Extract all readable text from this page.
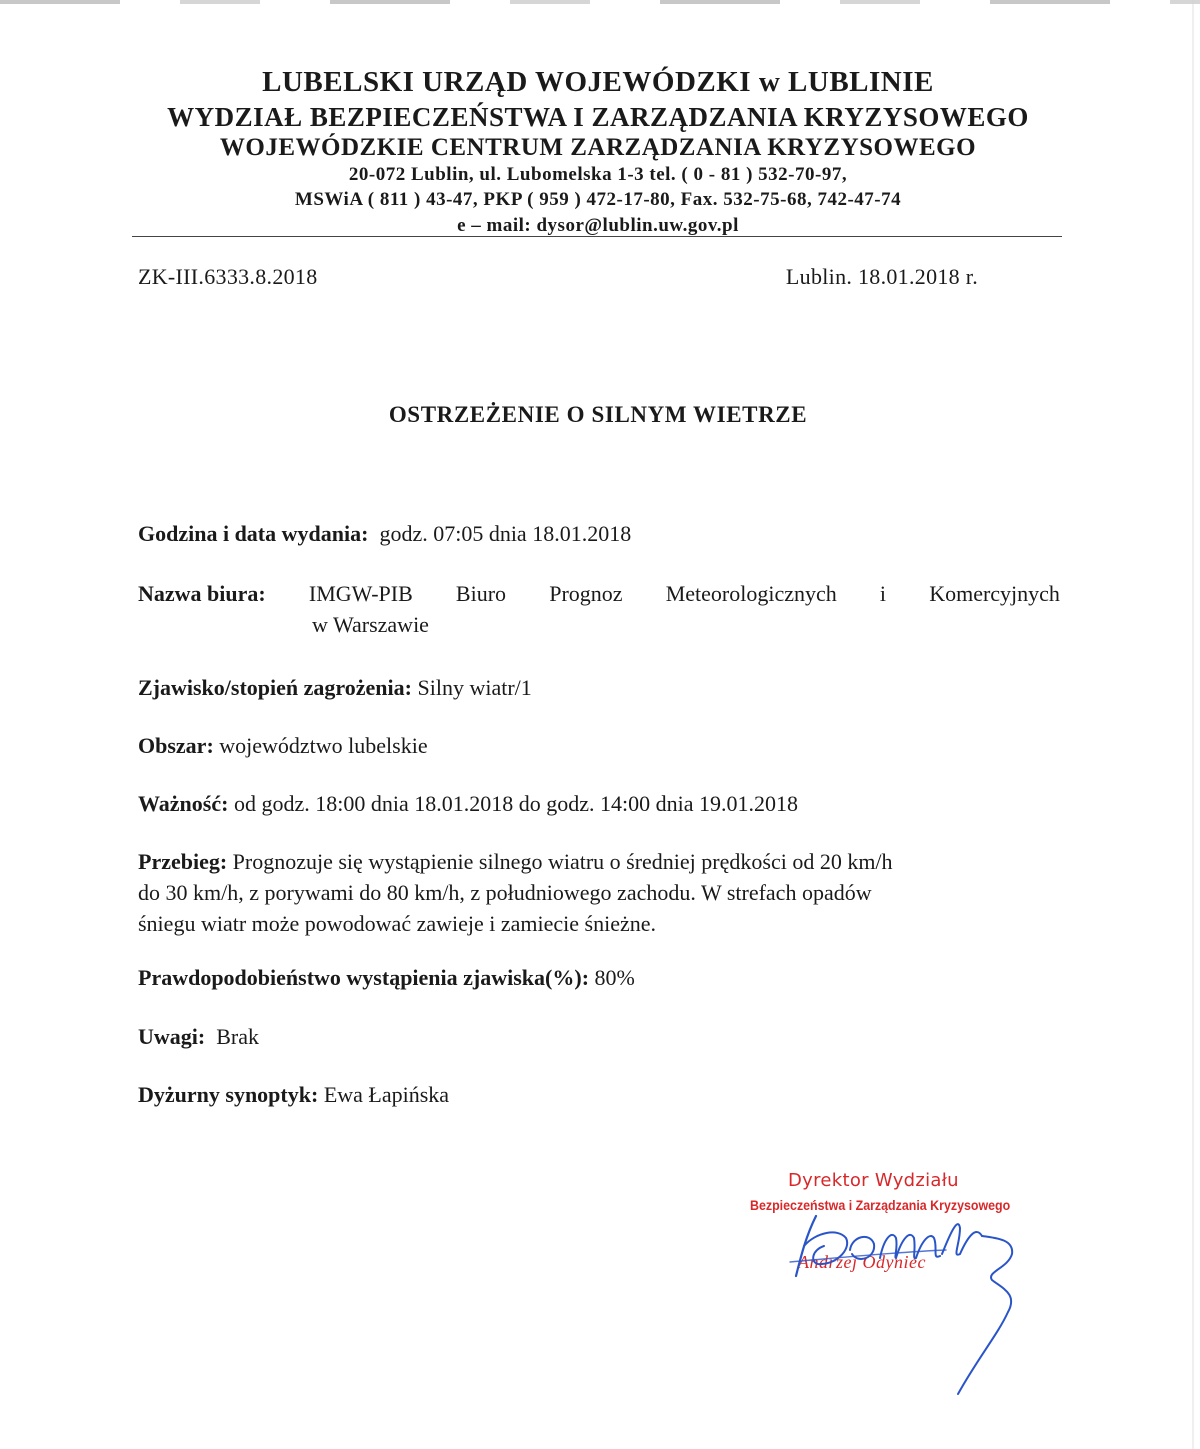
LUBELSKI URZĄD WOJEWÓDZKI w LUBLINIE
WYDZIAŁ BEZPIECZEŃSTWA I ZARZĄDZANIA KRYZYSOWEGO
WOJEWÓDZKIE CENTRUM ZARZĄDZANIA KRYZYSOWEGO
20-072 Lublin, ul. Lubomelska 1-3 tel. ( 0 - 81 ) 532-70-97,
MSWiA ( 811 ) 43-47, PKP ( 959 ) 472-17-80, Fax. 532-75-68, 742-47-74
e – mail: dysor@lublin.uw.gov.pl
ZK-III.6333.8.2018	Lublin. 18.01.2018 r.
OSTRZEŻENIE O SILNYM WIETRZE
Godzina i data wydania: godz. 07:05 dnia 18.01.2018
Nazwa biura: IMGW-PIB Biuro Prognoz Meteorologicznych i Komercyjnych
w Warszawie
Zjawisko/stopień zagrożenia: Silny wiatr/1
Obszar: województwo lubelskie
Ważność: od godz. 18:00 dnia 18.01.2018 do godz. 14:00 dnia 19.01.2018
Przebieg: Prognozuje się wystąpienie silnego wiatru o średniej prędkości od 20 km/h
do 30 km/h, z porywami do 80 km/h, z południowego zachodu. W strefach opadów
śniegu wiatr może powodować zawieje i zamiecie śnieżne.
Prawdopodobieństwo wystąpienia zjawiska(%): 80%
Uwagi: Brak
Dyżurny synoptyk: Ewa Łapińska
Dyrektor Wydziału
Bezpieczeństwa i Zarządzania Kryzysowego
Andrzej Odyniec
